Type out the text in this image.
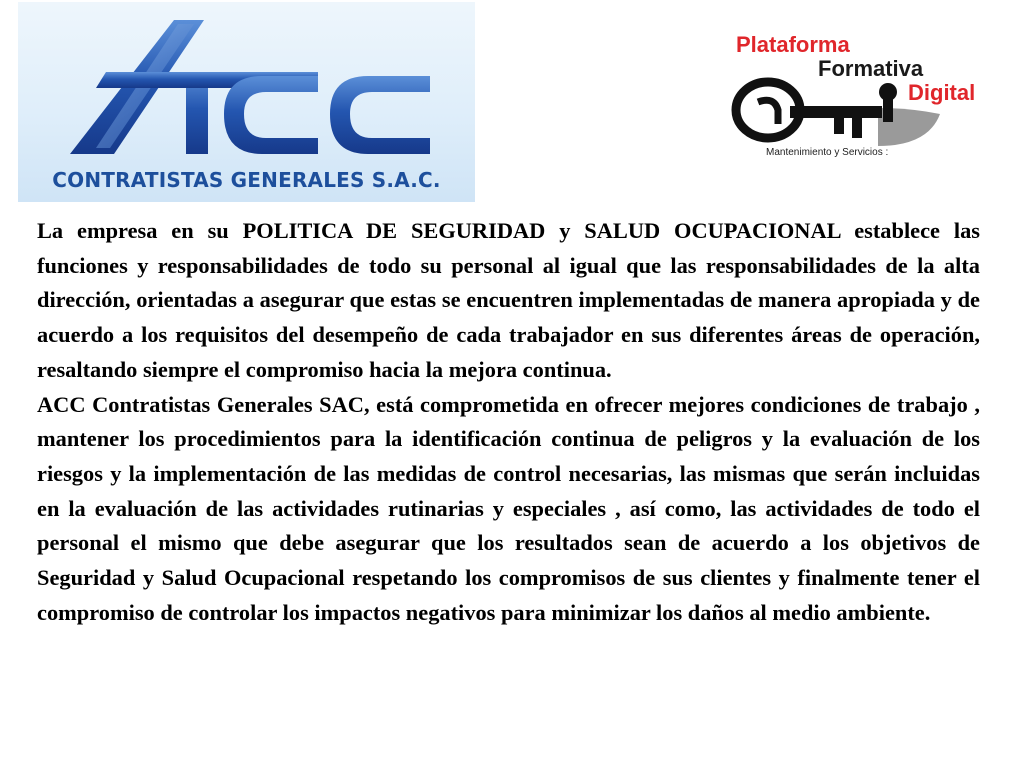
CONTRATISTAS GENERALES S.A.C.
Plataforma
Formativa
Digital
Mantenimiento y Servicios :

La empresa en su POLITICA DE SEGURIDAD y SALUD OCUPACIONAL establece las funciones y responsabilidades de todo su personal al igual que las responsabilidades de la alta dirección, orientadas a asegurar que estas se encuentren implementadas de manera apropiada y de acuerdo a los requisitos del desempeño de cada trabajador en sus diferentes áreas de operación, resaltando siempre el compromiso hacia la mejora continua.

ACC Contratistas Generales SAC, está comprometida en ofrecer mejores condiciones de trabajo , mantener los procedimientos para la identificación continua de peligros y la evaluación de los riesgos y la implementación de las medidas de control necesarias, las mismas que serán incluidas en la evaluación de las actividades rutinarias y especiales , así como, las actividades de todo el personal el mismo que debe asegurar que los resultados sean de acuerdo a los objetivos de Seguridad y Salud Ocupacional respetando los compromisos de sus clientes y finalmente tener el compromiso de controlar los impactos negativos para minimizar los daños al medio ambiente.
